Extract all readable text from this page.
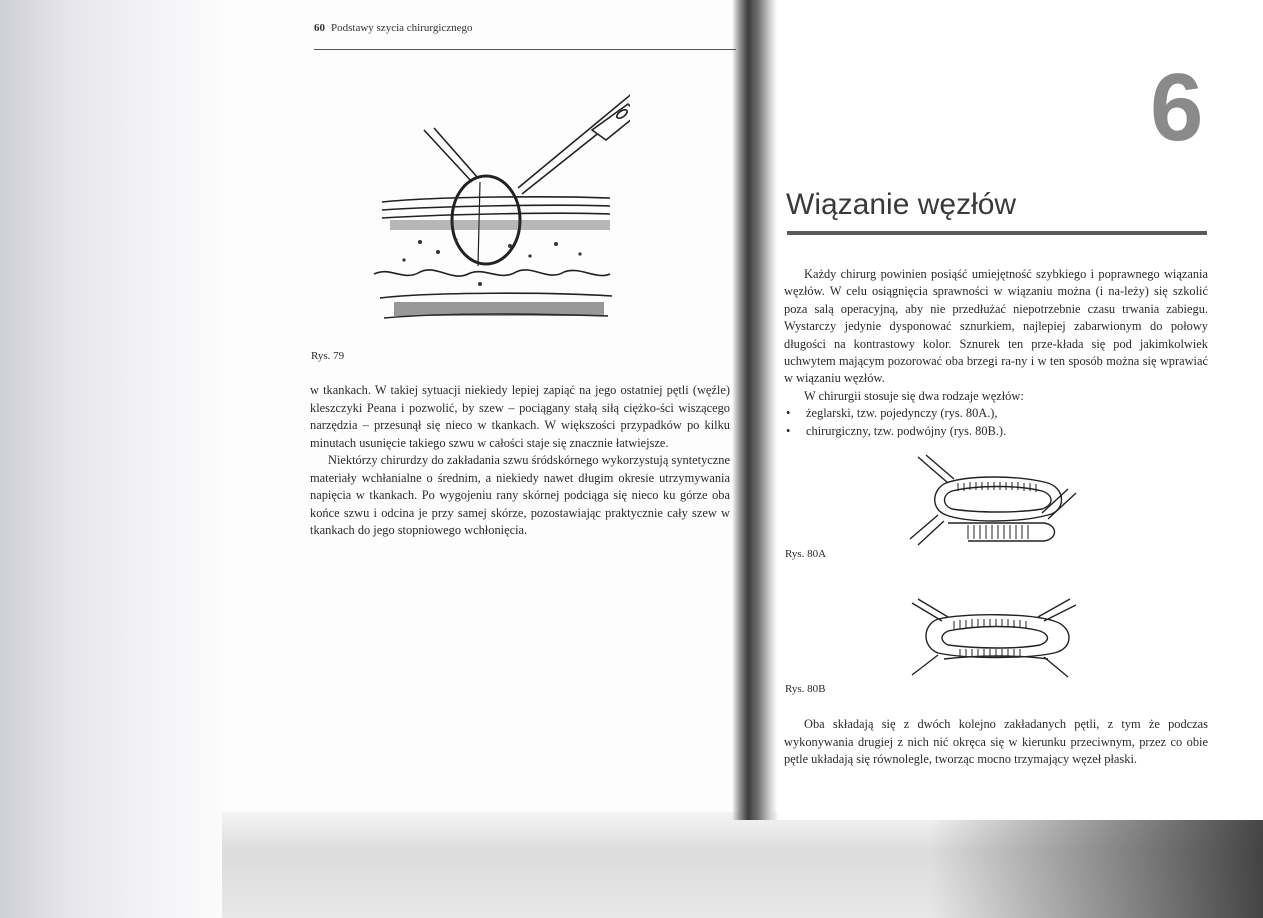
60 Podstawy szycia chirurgicznego
Rys. 79

w tkankach. W takiej sytuacji niekiedy lepiej zapiąć na jego ostatniej pętli (węźle) kleszczyki Peana i pozwolić, by szew – pociągany stałą siłą ciężko-ści wiszącego narzędzia – przesunął się nieco w tkankach. W większości przypadków po kilku minutach usunięcie takiego szwu w całości staje się znacznie łatwiejsze.

Niektórzy chirurdzy do zakładania szwu śródskórnego wykorzystują syntetyczne materiały wchłanialne o średnim, a niekiedy nawet długim okresie utrzymywania napięcia w tkankach. Po wygojeniu rany skórnej podciąga się nieco ku górze oba końce szwu i odcina je przy samej skórze, pozostawiając praktycznie cały szew w tkankach do jego stopniowego wchłonięcia.

6
Wiązanie węzłów

Każdy chirurg powinien posiąść umiejętność szybkiego i poprawnego wiązania węzłów. W celu osiągnięcia sprawności w wiązaniu można (i na-leży) się szkolić poza salą operacyjną, aby nie przedłużać niepotrzebnie czasu trwania zabiegu. Wystarczy jedynie dysponować sznurkiem, najlepiej zabarwionym do połowy długości na kontrastowy kolor. Sznurek ten prze-kłada się pod jakimkolwiek uchwytem mającym pozorować oba brzegi ra-ny i w ten sposób można się wprawiać w wiązaniu węzłów.

W chirurgii stosuje się dwa rodzaje węzłów:

• żeglarski, tzw. pojedynczy (rys. 80A.),
• chirurgiczny, tzw. podwójny (rys. 80B.).
Rys. 80A
Rys. 80B

Oba składają się z dwóch kolejno zakładanych pętli, z tym że podczas wykonywania drugiej z nich nić okręca się w kierunku przeciwnym, przez co obie pętle układają się równolegle, tworząc mocno trzymający węzeł płaski.
